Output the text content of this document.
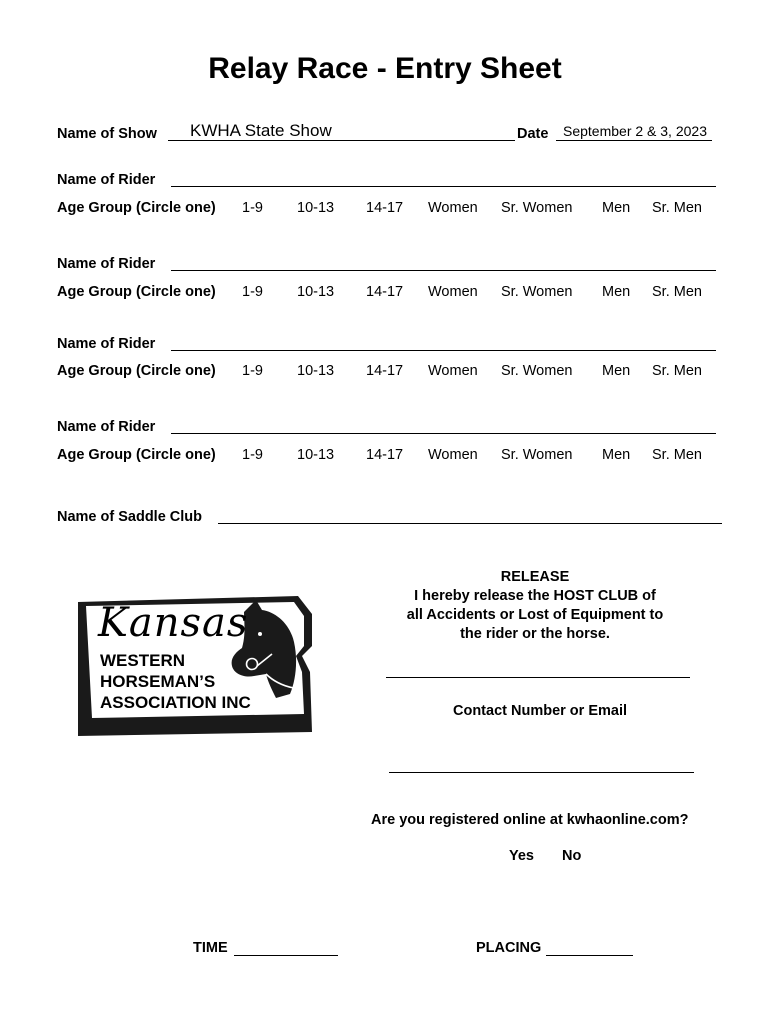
Relay Race - Entry Sheet
Name of Show KWHA State Show	Date September 2 & 3, 2023
Name of Rider
Age Group (Circle one) 1-9 10-13 14-17 Women Sr. Women Men Sr. Men
Name of Rider
Age Group (Circle one) 1-9 10-13 14-17 Women Sr. Women Men Sr. Men
Name of Rider
Age Group (Circle one) 1-9 10-13 14-17 Women Sr. Women Men Sr. Men
Name of Rider
Age Group (Circle one) 1-9 10-13 14-17 Women Sr. Women Men Sr. Men
Name of Saddle Club
Kansas
WESTERN
HORSEMAN’S
ASSOCIATION INC
RELEASE
I hereby release the HOST CLUB of
all Accidents or Lost of Equipment to
the rider or the horse.
Contact Number or Email
Are you registered online at kwhaonline.com?
Yes No
TIME	PLACING
